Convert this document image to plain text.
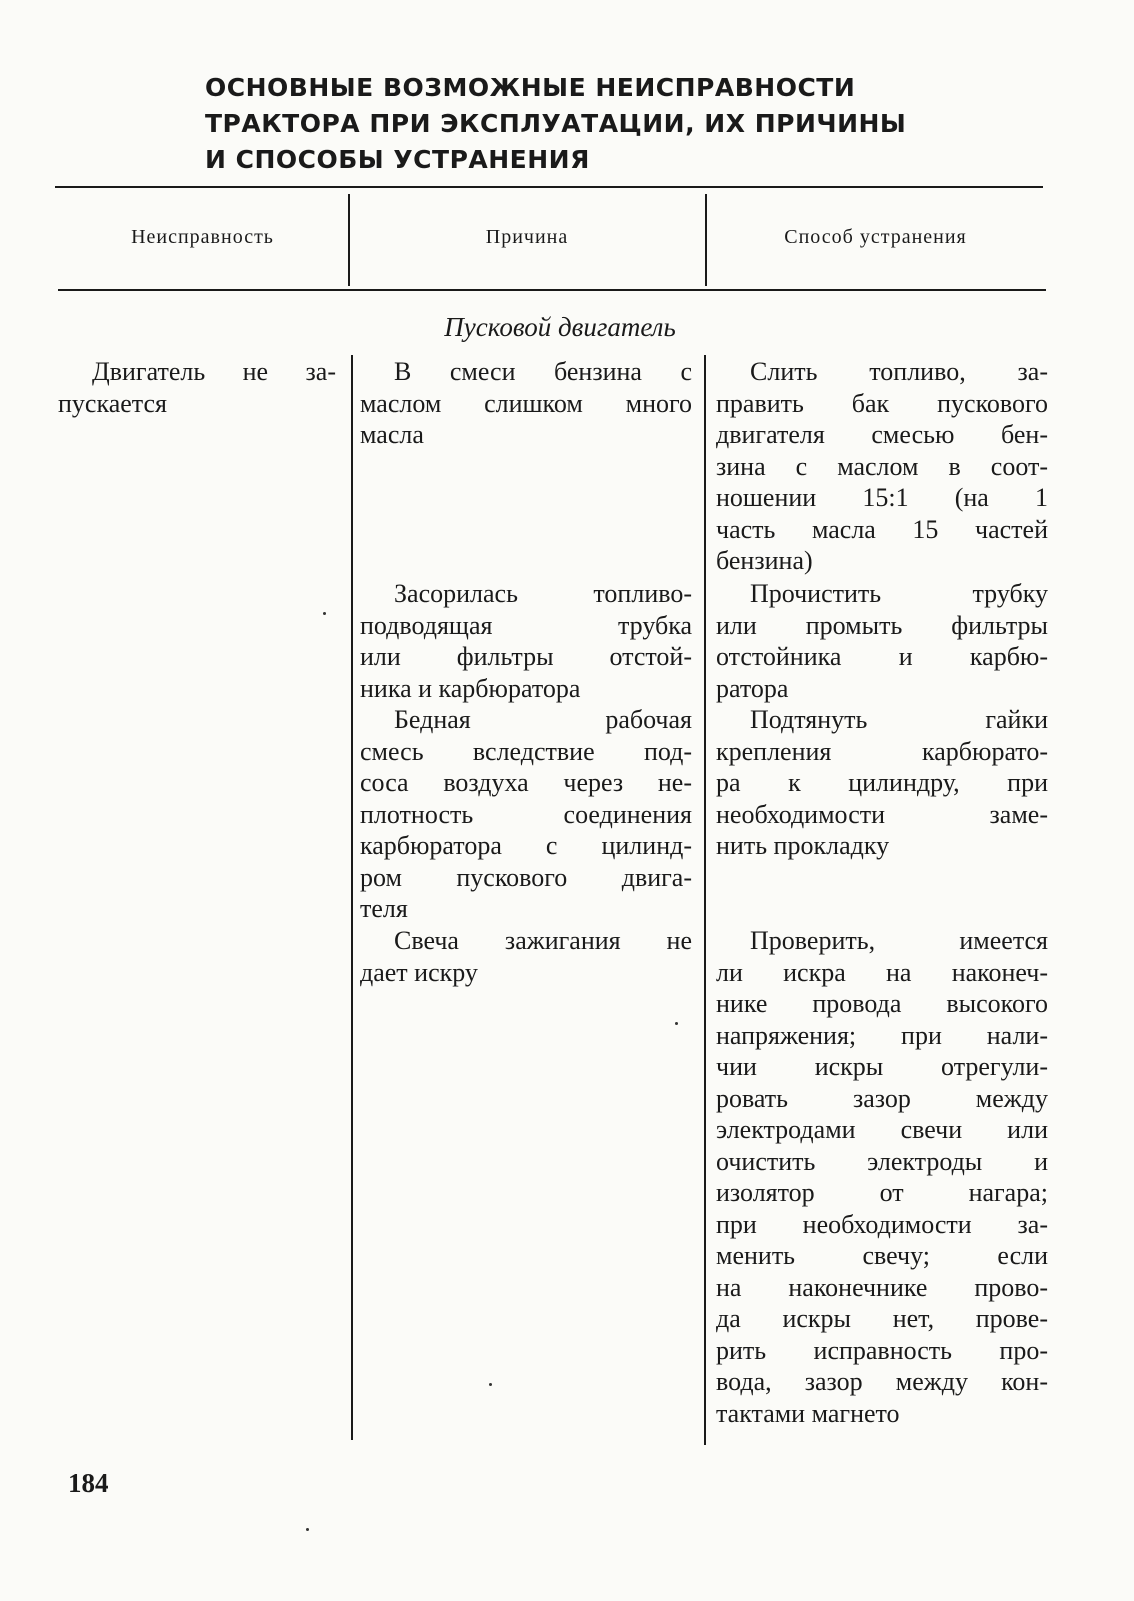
ОСНОВНЫЕ ВОЗМОЖНЫЕ НЕИСПРАВНОСТИ
ТРАКТОРА ПРИ ЭКСПЛУАТАЦИИ, ИХ ПРИЧИНЫ
И СПОСОБЫ УСТРАНЕНИЯ
Неисправность	Причина	Способ устранения
Пусковой двигатель
Двигатель не за-
пускается
В смеси бензина с
маслом слишком много
масла
Засорилась топливо-
подводящая трубка
или фильтры отстой-
ника и карбюратора
Бедная рабочая
смесь вследствие под-
соса воздуха через не-
плотность соединения
карбюратора с цилинд-
ром пускового двига-
теля
Свеча зажигания не
дает искру
Слить топливо, за-
править бак пускового
двигателя смесью бен-
зина с маслом в соот-
ношении 15:1 (на 1
часть масла 15 частей
бензина)
Прочистить трубку
или промыть фильтры
отстойника и карбю-
ратора
Подтянуть гайки
крепления карбюрато-
ра к цилиндру, при
необходимости заме-
нить прокладку
Проверить, имеется
ли искра на наконеч-
нике провода высокого
напряжения; при нали-
чии искры отрегули-
ровать зазор между
электродами свечи или
очистить электроды и
изолятор от нагара;
при необходимости за-
менить свечу; если
на наконечнике прово-
да искры нет, прове-
рить исправность про-
вода, зазор между кон-
тактами магнето
184
